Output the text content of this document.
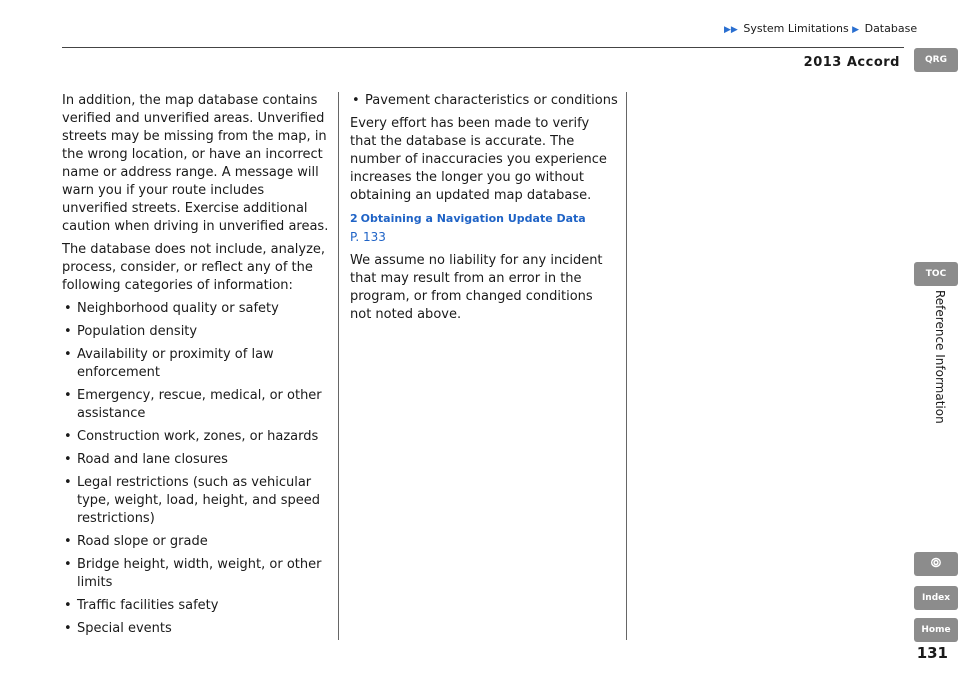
▶▶ System Limitations ▶ Database
2013 Accord

In addition, the map database contains verified and unverified areas. Unverified streets may be missing from the map, in the wrong location, or have an incorrect name or address range. A message will warn you if your route includes unverified streets. Exercise additional caution when driving in unverified areas.

The database does not include, analyze, process, consider, or reflect any of the following categories of information:

• Neighborhood quality or safety
• Population density
• Availability or proximity of law enforcement
• Emergency, rescue, medical, or other assistance
• Construction work, zones, or hazards
• Road and lane closures
• Legal restrictions (such as vehicular type, weight, load, height, and speed restrictions)
• Road slope or grade
• Bridge height, width, weight, or other limits
• Traffic facilities safety
• Special events
• Pavement characteristics or conditions

Every effort has been made to verify that the database is accurate. The number of inaccuracies you experience increases the longer you go without obtaining an updated map database.

2 Obtaining a Navigation Update Data
P. 133

We assume no liability for any incident that may result from an error in the program, or from changed conditions not noted above.

QRG
TOC
Reference Information
⦾
Index
Home
131
